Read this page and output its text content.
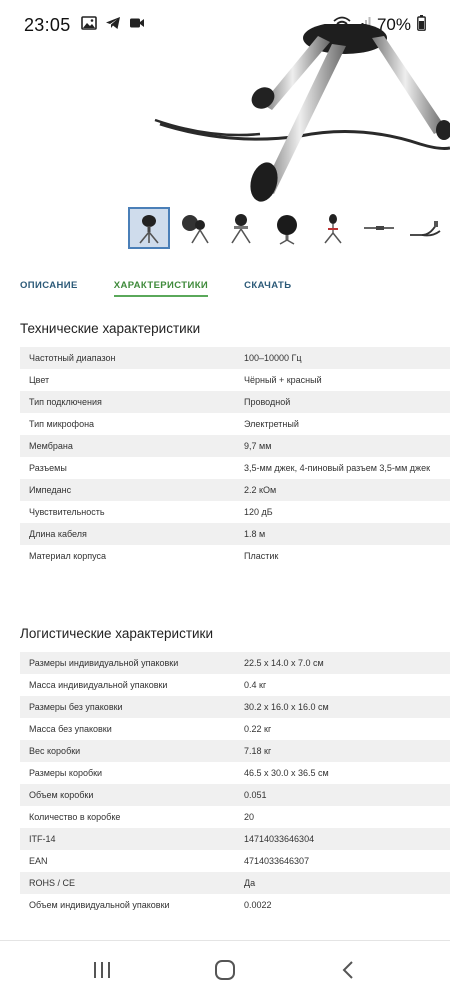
23:05	70%
ОПИСАНИЕ	ХАРАКТЕРИСТИКИ	СКАЧАТЬ
Технические характеристики
Частотный диапазон	100–10000 Гц
Цвет	Чёрный + красный
Тип подключения	Проводной
Тип микрофона	Электретный
Мембрана	9,7 мм
Разъемы	3,5-мм джек, 4-пиновый разъем 3,5-мм джек
Импеданс	2.2 кОм
Чувствительность	120 дБ
Длина кабеля	1.8 м
Материал корпуса	Пластик
Логистические характеристики
Размеры индивидуальной упаковки	22.5 x 14.0 x 7.0 см
Масса индивидуальной упаковки	0.4 кг
Размеры без упаковки	30.2 x 16.0 x 16.0 см
Масса без упаковки	0.22 кг
Вес коробки	7.18 кг
Размеры коробки	46.5 x 30.0 x 36.5 см
Объем коробки	0.051
Количество в коробке	20
ITF-14	14714033646304
EAN	4714033646307
ROHS / CE	Да
Объем индивидуальной упаковки	0.0022
